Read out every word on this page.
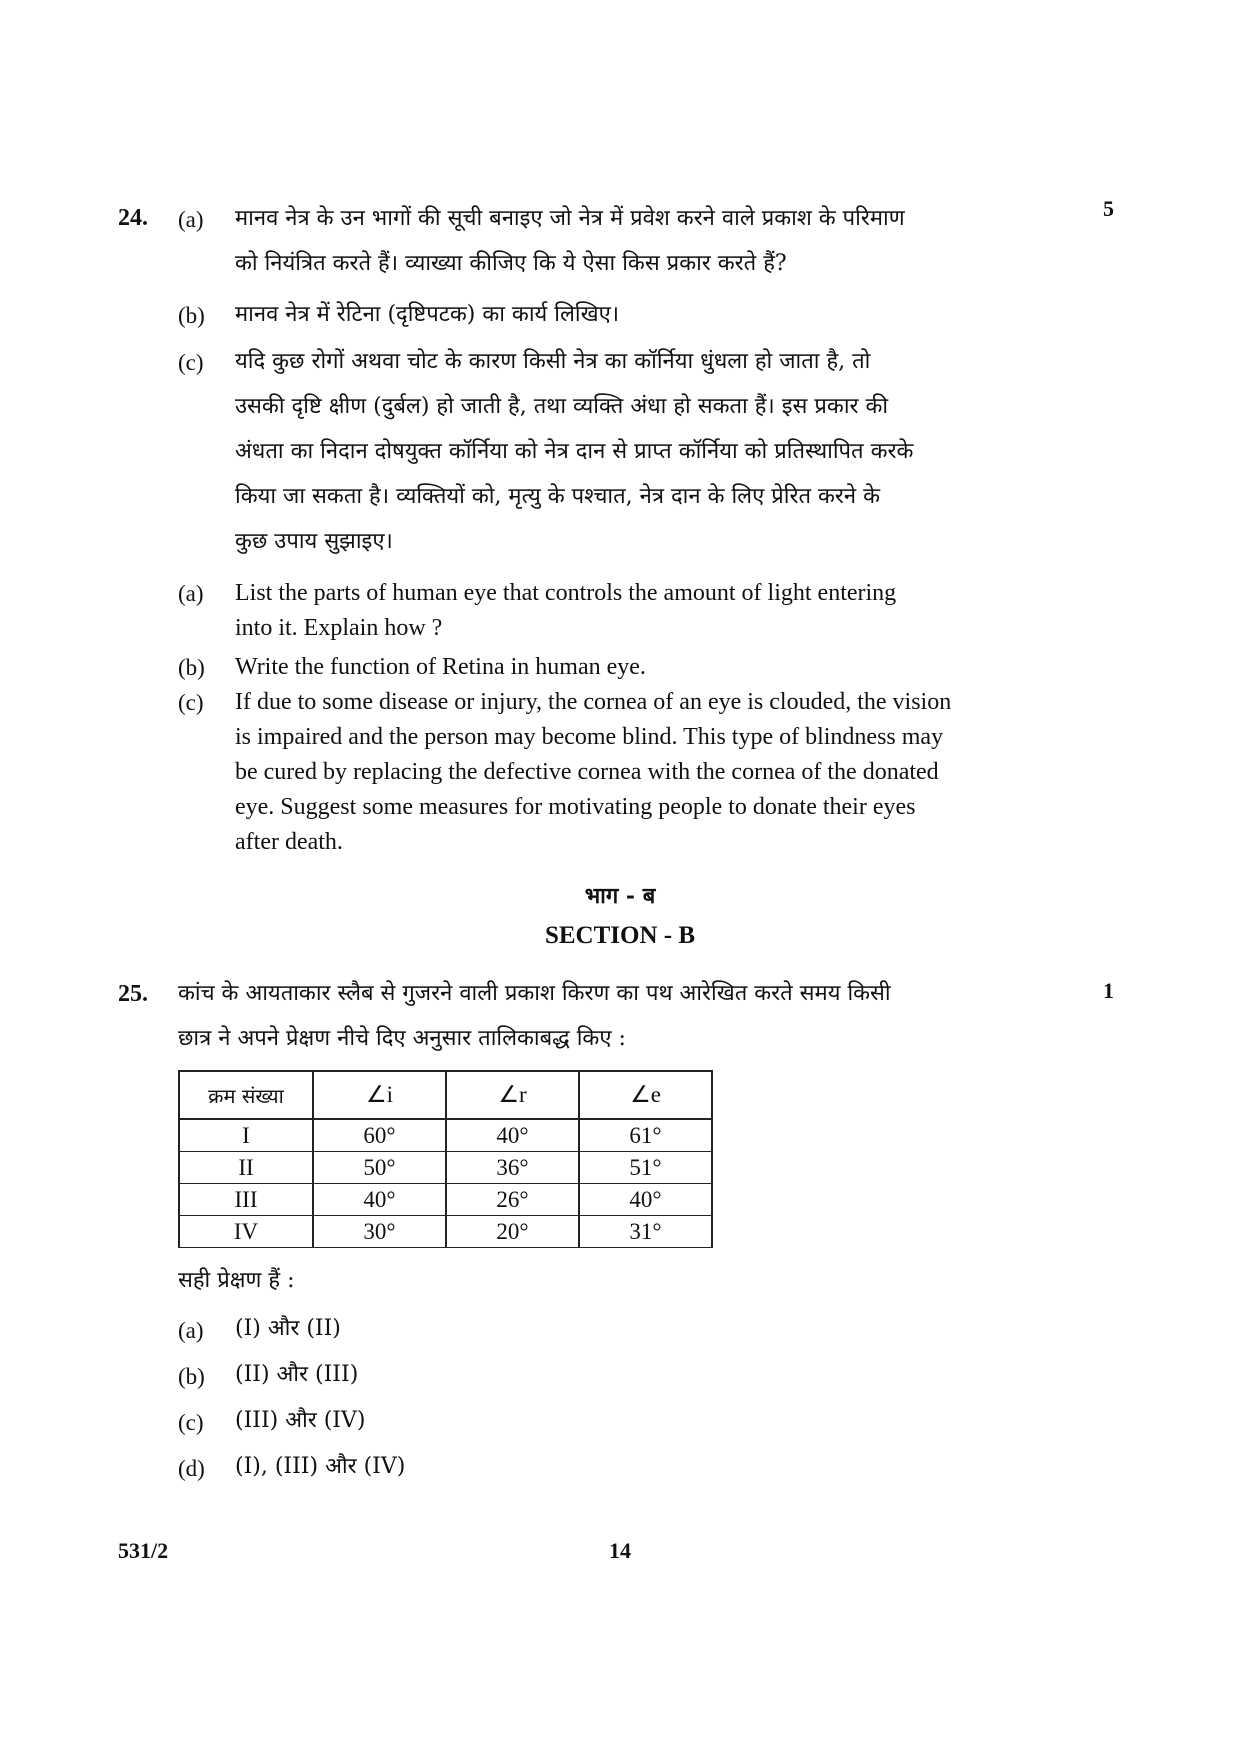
24.	5
(a) मानव नेत्र के उन भागों की सूची बनाइए जो नेत्र में प्रवेश करने वाले प्रकाश के परिमाण
को नियंत्रित करते हैं। व्याख्या कीजिए कि ये ऐसा किस प्रकार करते हैं?
(b) मानव नेत्र में रेटिना (दृष्टिपटक) का कार्य लिखिए।
(c) यदि कुछ रोगों अथवा चोट के कारण किसी नेत्र का कॉर्निया धुंधला हो जाता है, तो
उसकी दृष्टि क्षीण (दुर्बल) हो जाती है, तथा व्यक्ति अंधा हो सकता हैं। इस प्रकार की
अंधता का निदान दोषयुक्त कॉर्निया को नेत्र दान से प्राप्त कॉर्निया को प्रतिस्थापित करके
किया जा सकता है। व्यक्तियों को, मृत्यु के पश्चात, नेत्र दान के लिए प्रेरित करने के
कुछ उपाय सुझाइए।
(a) List the parts of human eye that controls the amount of light entering
into it. Explain how ?
(b) Write the function of Retina in human eye.
(c) If due to some disease or injury, the cornea of an eye is clouded, the vision
is impaired and the person may become blind. This type of blindness may
be cured by replacing the defective cornea with the cornea of the donated
eye. Suggest some measures for motivating people to donate their eyes
after death.
भाग - ब
SECTION - B
25.	1
कांच के आयताकार स्लैब से गुजरने वाली प्रकाश किरण का पथ आरेखित करते समय किसी
छात्र ने अपने प्रेक्षण नीचे दिए अनुसार तालिकाबद्ध किए :
क्रम संख्या	∠i	∠r	∠e
I	60°	40°	61°
II	50°	36°	51°
III	40°	26°	40°
IV	30°	20°	31°
सही प्रेक्षण हैं :
(a) (I) और (II)
(b) (II) और (III)
(c) (III) और (IV)
(d) (I), (III) और (IV)
531/2	14
